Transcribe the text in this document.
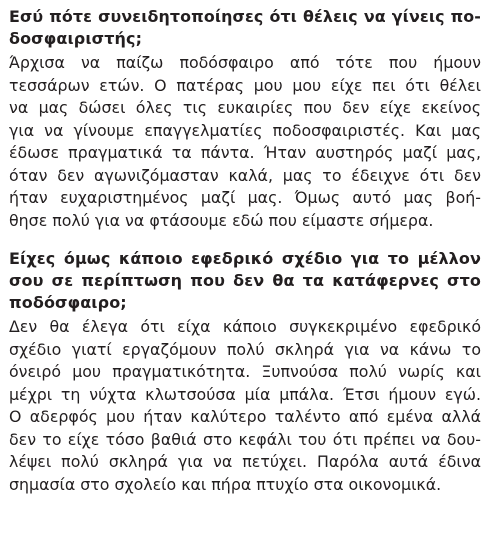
Εσύ πότε συνειδητοποίησες ότι θέλεις να γίνεις πο-
δοσφαιριστής;
Άρχισα να παίζω ποδόσφαιρο από τότε που ήμουν
τεσσάρων ετών. Ο πατέρας μου μου είχε πει ότι θέλει
να μας δώσει όλες τις ευκαιρίες που δεν είχε εκείνος
για να γίνουμε επαγγελματίες ποδοσφαιριστές. Και μας
έδωσε πραγματικά τα πάντα. Ήταν αυστηρός μαζί μας,
όταν δεν αγωνιζόμασταν καλά, μας το έδειχνε ότι δεν
ήταν ευχαριστημένος μαζί μας. Όμως αυτό μας βοή-
θησε πολύ για να φτάσουμε εδώ που είμαστε σήμερα.
Είχες όμως κάποιο εφεδρικό σχέδιο για το μέλλον
σου σε περίπτωση που δεν θα τα κατάφερνες στο
ποδόσφαιρο;
Δεν θα έλεγα ότι είχα κάποιο συγκεκριμένο εφεδρικό
σχέδιο γιατί εργαζόμουν πολύ σκληρά για να κάνω το
όνειρό μου πραγματικότητα. Ξυπνούσα πολύ νωρίς και
μέχρι τη νύχτα κλωτσούσα μία μπάλα. Έτσι ήμουν εγώ.
Ο αδερφός μου ήταν καλύτερο ταλέντο από εμένα αλλά
δεν το είχε τόσο βαθιά στο κεφάλι του ότι πρέπει να δου-
λέψει πολύ σκληρά για να πετύχει. Παρόλα αυτά έδινα
σημασία στο σχολείο και πήρα πτυχίο στα οικονομικά.
